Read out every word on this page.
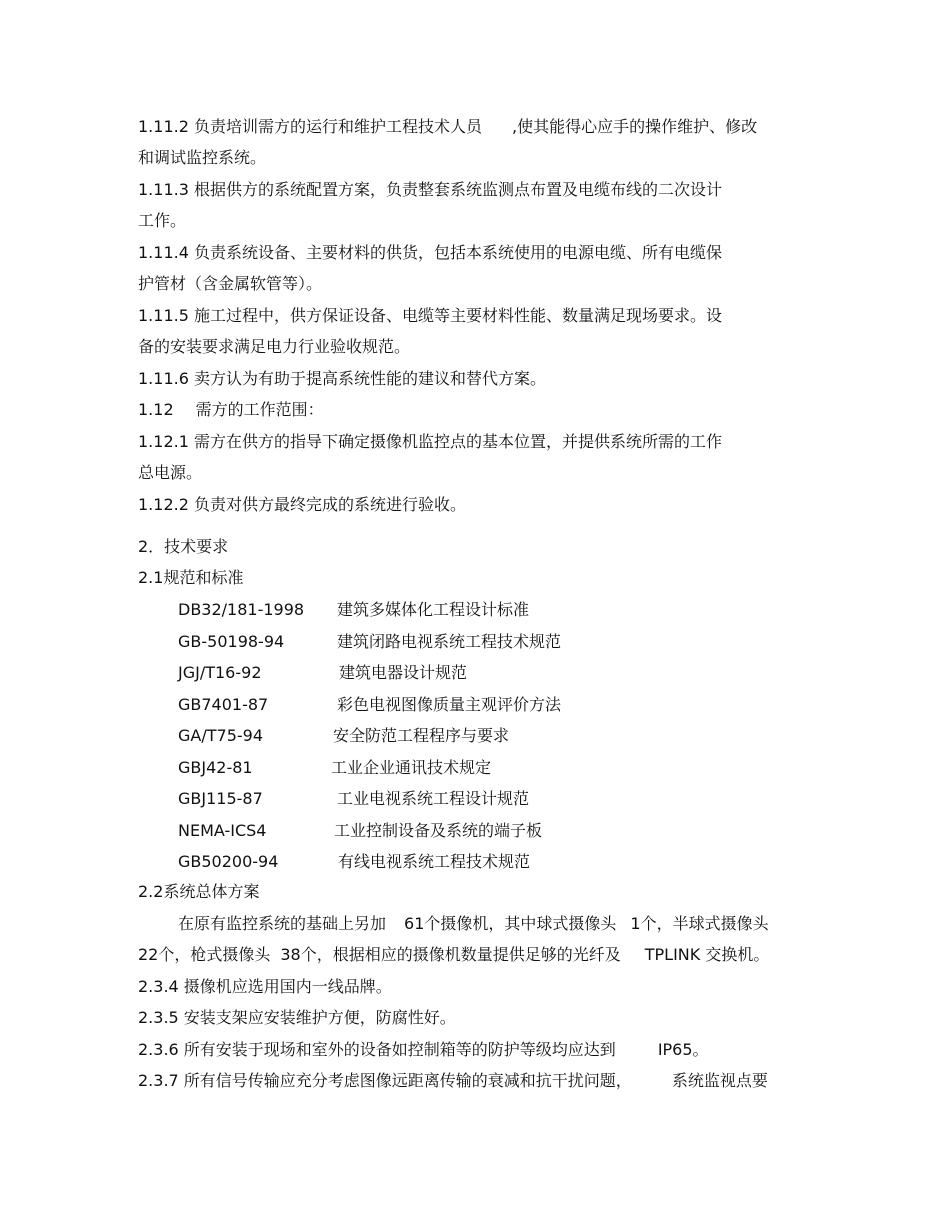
1.11.2 负责培训需方的运行和维护工程技术人员 ,使其能得心应手的操作维护、修改
和调试监控系统。
1.11.3 根据供方的系统配置方案，负责整套系统监测点布置及电缆布线的二次设计
工作。
1.11.4 负责系统设备、主要材料的供货，包括本系统使用的电源电缆、所有电缆保
护管材（含金属软管等）。
1.11.5 施工过程中，供方保证设备、电缆等主要材料性能、数量满足现场要求。设
备的安装要求满足电力行业验收规范。
1.11.6 卖方认为有助于提高系统性能的建议和替代方案。
1.12 需方的工作范围：
1.12.1 需方在供方的指导下确定摄像机监控点的基本位置，并提供系统所需的工作
总电源。
1.12.2 负责对供方最终完成的系统进行验收。
2．技术要求
2.1规范和标准
DB32/181-1998 建筑多媒体化工程设计标准
GB-50198-94	建筑闭路电视系统工程技术规范
JGJ/T16-92	建筑电器设计规范
GB7401-87	彩色电视图像质量主观评价方法
GA/T75-94	安全防范工程程序与要求
GBJ42-81	工业企业通讯技术规定
GBJ115-87	工业电视系统工程设计规范
NEMA-ICS4	工业控制设备及系统的端子板
GB50200-94	有线电视系统工程技术规范
2.2系统总体方案
在原有监控系统的基础上另加 61个摄像机，其中球式摄像头 1个，半球式摄像头
22个，枪式摄像头 38个，根据相应的摄像机数量提供足够的光纤及 TPLINK 交换机。
2.3.4 摄像机应选用国内一线品牌。
2.3.5 安装支架应安装维护方便，防腐性好。
2.3.6 所有安装于现场和室外的设备如控制箱等的防护等级均应达到	IP65。
2.3.7 所有信号传输应充分考虑图像远距离传输的衰减和抗干扰问题，	系统监视点要
